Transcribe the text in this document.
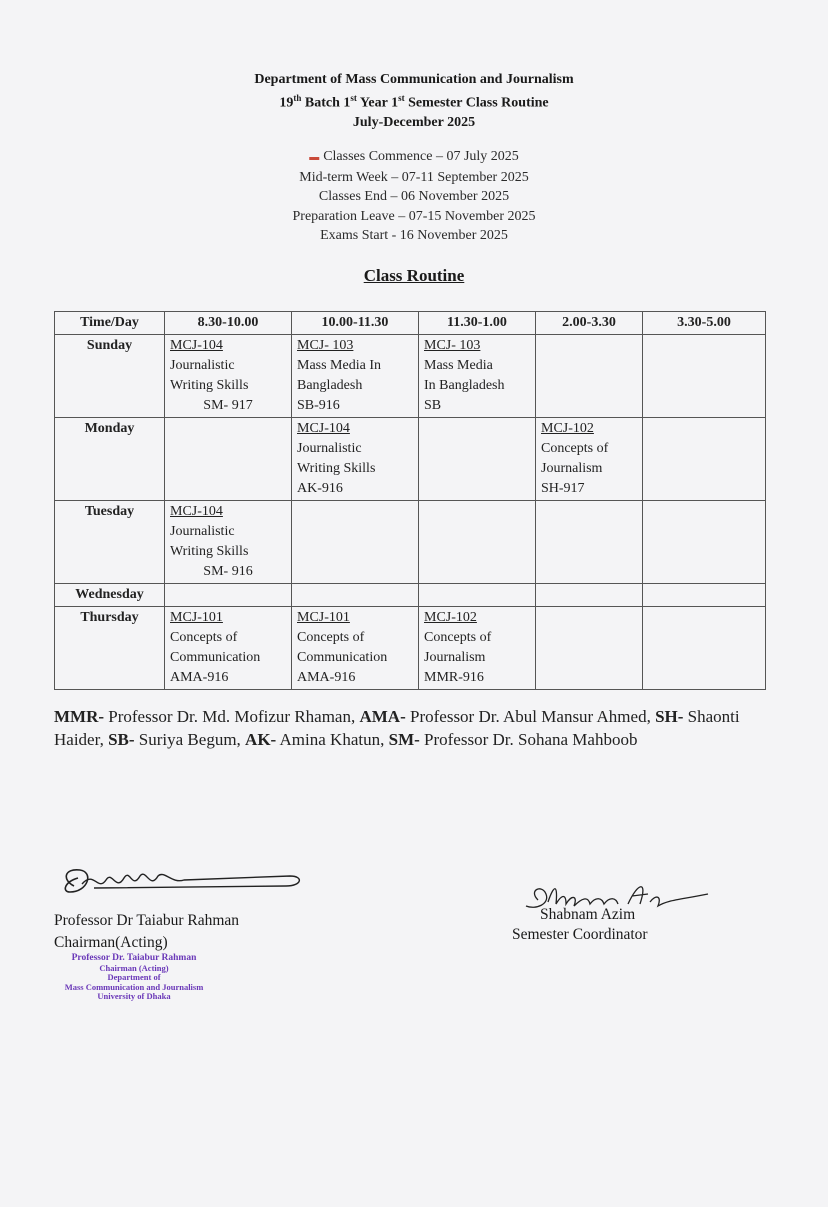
Department of Mass Communication and Journalism
19th Batch 1st Year 1st Semester Class Routine
July-December 2025
▬ Classes Commence – 07 July 2025
Mid-term Week – 07-11 September 2025
Classes End – 06 November 2025
Preparation Leave – 07-15 November 2025
Exams Start - 16 November 2025
Class Routine
Time/Day	8.30-10.00	10.00-11.30	11.30-1.00	2.00-3.30	3.30-5.00
Sunday	MCJ-104
Journalistic
Writing Skills
SM- 917	MCJ- 103
Mass Media In
Bangladesh
SB-916	MCJ- 103
Mass Media
In Bangladesh
SB		

Monday		MCJ-104
Journalistic
Writing Skills
AK-916		MCJ-102
Concepts of
Journalism
SH-917	

Tuesday	MCJ-104
Journalistic
Writing Skills
SM- 916				

Wednesday					
Thursday	MCJ-101
Concepts of
Communication
AMA-916	MCJ-101
Concepts of
Communication
AMA-916	MCJ-102
Concepts of
Journalism
MMR-916		

MMR- Professor Dr. Md. Mofizur Rhaman, AMA- Professor Dr. Abul Mansur Ahmed, SH- Shaonti Haider, SB- Suriya Begum, AK- Amina Khatun, SM- Professor Dr. Sohana Mahboob
Professor Dr Taiabur Rahman
Chairman(Acting)
Professor Dr. Taiabur Rahman
Chairman (Acting)
Department of
Mass Communication and Journalism
University of Dhaka
Shabnam Azim
Semester Coordinator
